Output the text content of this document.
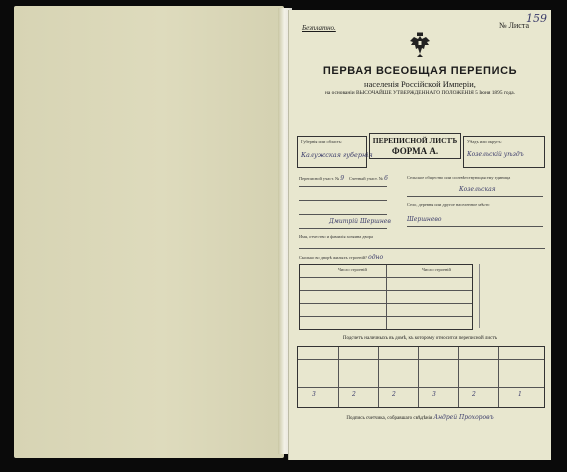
Безплатно.	№ Листа
159
ПЕРВАЯ ВСЕОБЩАЯ ПЕРЕПИСЬ
населенія Россійской Имперіи,
на основаніи ВЫСОЧАЙШЕ УТВЕРЖДЕННАГО ПОЛОЖЕНІЯ 5 Іюня 1895 года.
Губернія или область:
Калужская губернія
ПЕРЕПИСНОЙ ЛИСТЪ
ФОРМА А.
Уѣздъ или округъ:
Козельскій уѣздъ
Переписной участ. № 9 Счетный участ. № 6
Дмитрій Шершнев
Сельское общество или соотвѣтствующая ему единица
Козельская
Село, деревня или другое населенное мѣсто
Шершнево
Имя, отчество и фамилія хозяина двора
Сколько во дворѣ жилыхъ строеній? одно
Число строеній	Число строеній
Подсчетъ наличныхъ въ домѣ, къ которому относится переписной листъ
3	2	2	3	2	1
Подпись счетчика, собравшаго свѣдѣнія Андрей Прохоровъ
